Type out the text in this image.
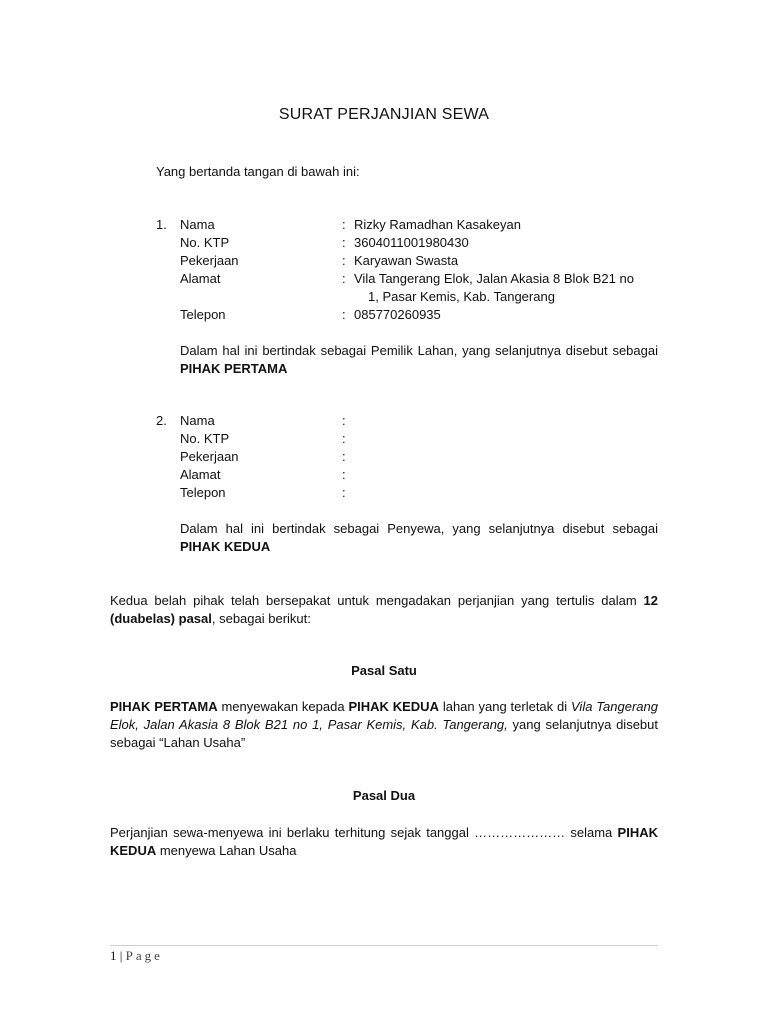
SURAT PERJANJIAN SEWA
Yang bertanda tangan di bawah ini:
1. Nama	: Rizky Ramadhan Kasakeyan
No. KTP	: 3604011001980430
Pekerjaan	: Karyawan Swasta
Alamat	: Vila Tangerang Elok, Jalan Akasia 8 Blok B21 no
1, Pasar Kemis, Kab. Tangerang
Telepon	: 085770260935
Dalam hal ini bertindak sebagai Pemilik Lahan, yang selanjutnya disebut sebagai PIHAK PERTAMA
2. Nama	:
No. KTP	:
Pekerjaan	:
Alamat	:
Telepon	:
Dalam hal ini bertindak sebagai Penyewa, yang selanjutnya disebut sebagai PIHAK KEDUA
Kedua belah pihak telah bersepakat untuk mengadakan perjanjian yang tertulis dalam 12 (duabelas) pasal, sebagai berikut:
Pasal Satu
PIHAK PERTAMA menyewakan kepada PIHAK KEDUA lahan yang terletak di Vila Tangerang Elok, Jalan Akasia 8 Blok B21 no 1, Pasar Kemis, Kab. Tangerang, yang selanjutnya disebut sebagai “Lahan Usaha”
Pasal Dua
Perjanjian sewa-menyewa ini berlaku terhitung sejak tanggal ………………… selama PIHAK KEDUA menyewa Lahan Usaha
1 | Page
